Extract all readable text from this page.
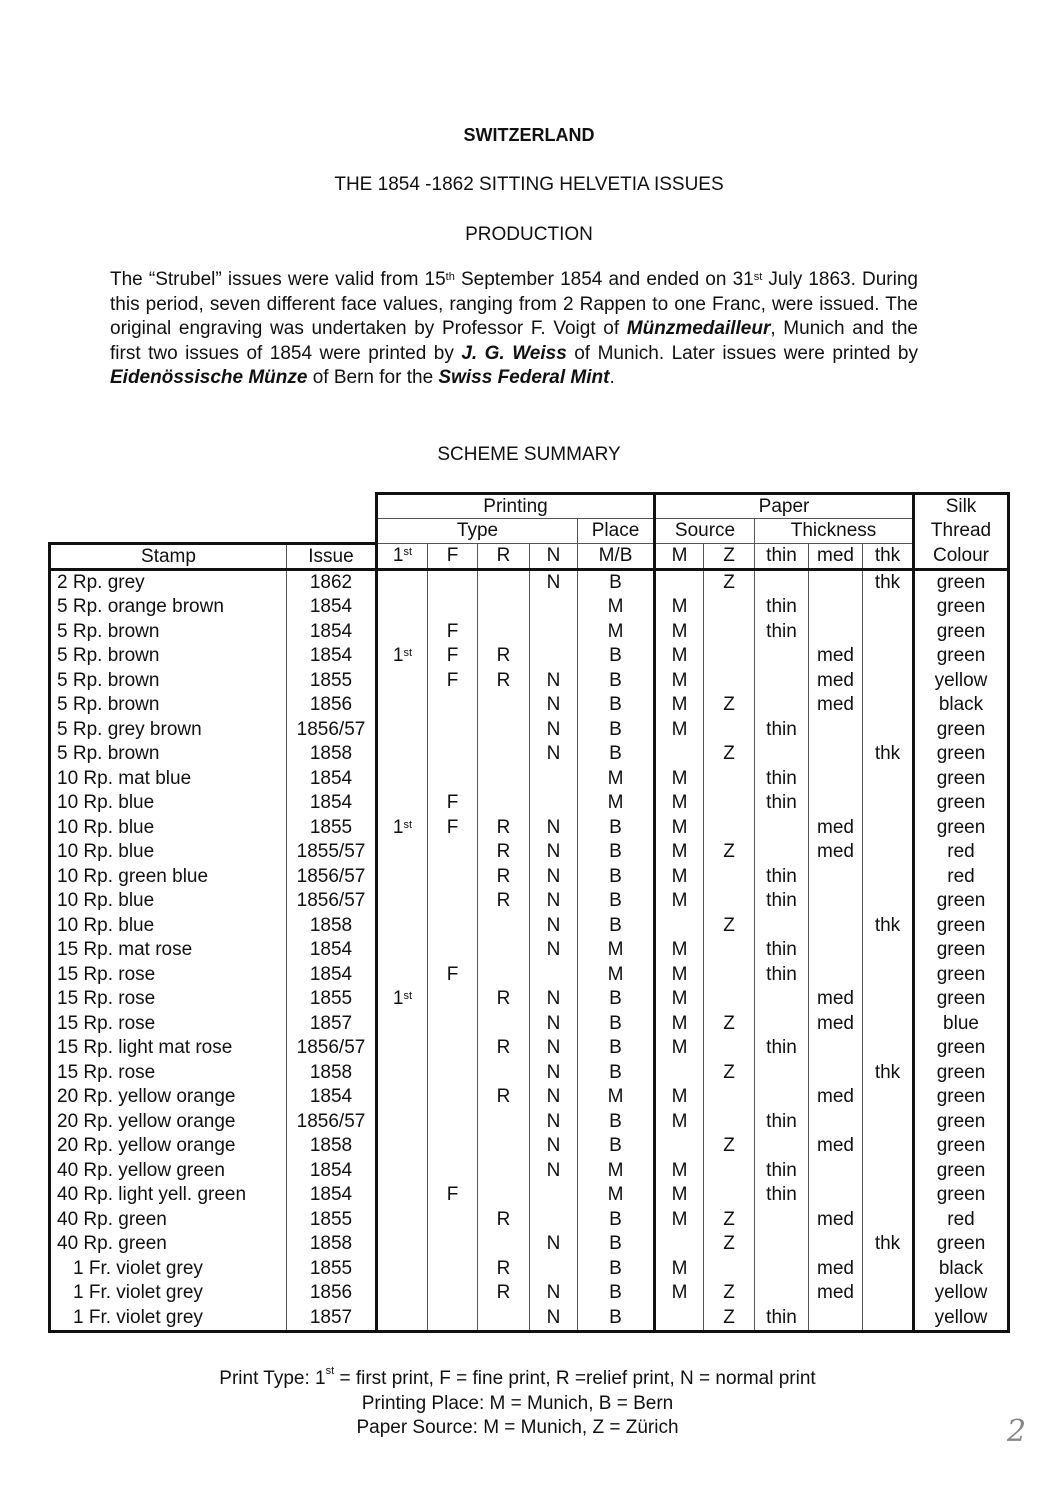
SWITZERLAND
THE 1854 -1862 SITTING HELVETIA ISSUES
PRODUCTION
The “Strubel” issues were valid from 15th September 1854 and ended on 31st July 1863. During this period, seven different face values, ranging from 2 Rappen to one Franc, were issued. The original engraving was undertaken by Professor F. Voigt of Münzmedailleur, Munich and the first two issues of 1854 were printed by J. G. Weiss of Munich. Later issues were printed by Eidenössische Münze of Bern for the Swiss Federal Mint.
SCHEME SUMMARY
		Printing					Paper					Silk
		Type				Place	Source		Thickness			Thread
Stamp	Issue	1st	F	R	N	M/B	M	Z	thin	med	thk	Colour
2 Rp. grey	1862				N	B		Z			thk	green
5 Rp. orange brown	1854					M	M		thin			green
5 Rp. brown	1854		F			M	M		thin			green
5 Rp. brown	1854	1st	F	R		B	M			med		green
5 Rp. brown	1855		F	R	N	B	M			med		yellow
5 Rp. brown	1856				N	B	M	Z		med		black
5 Rp. grey brown	1856/57				N	B	M		thin			green
5 Rp. brown	1858				N	B		Z			thk	green
10 Rp. mat blue	1854					M	M		thin			green
10 Rp. blue	1854		F			M	M		thin			green
10 Rp. blue	1855	1st	F	R	N	B	M			med		green
10 Rp. blue	1855/57			R	N	B	M	Z		med		red
10 Rp. green blue	1856/57			R	N	B	M		thin			red
10 Rp. blue	1856/57			R	N	B	M		thin			green
10 Rp. blue	1858				N	B		Z			thk	green
15 Rp. mat rose	1854				N	M	M		thin			green
15 Rp. rose	1854		F			M	M		thin			green
15 Rp. rose	1855	1st		R	N	B	M			med		green
15 Rp. rose	1857				N	B	M	Z		med		blue
15 Rp. light mat rose	1856/57			R	N	B	M		thin			green
15 Rp. rose	1858				N	B		Z			thk	green
20 Rp. yellow orange	1854			R	N	M	M			med		green
20 Rp. yellow orange	1856/57				N	B	M		thin			green
20 Rp. yellow orange	1858				N	B		Z		med		green
40 Rp. yellow green	1854				N	M	M		thin			green
40 Rp. light yell. green	1854		F			M	M		thin			green
40 Rp. green	1855			R		B	M	Z		med		red
40 Rp. green	1858				N	B		Z			thk	green
1 Fr. violet grey	1855			R		B	M			med		black
1 Fr. violet grey	1856			R	N	B	M	Z		med		yellow
1 Fr. violet grey	1857				N	B		Z	thin			yellow
Print Type: 1st = first print, F = fine print, R =relief print, N = normal print
Printing Place: M = Munich, B = Bern
Paper Source: M = Munich, Z = Zürich	2
